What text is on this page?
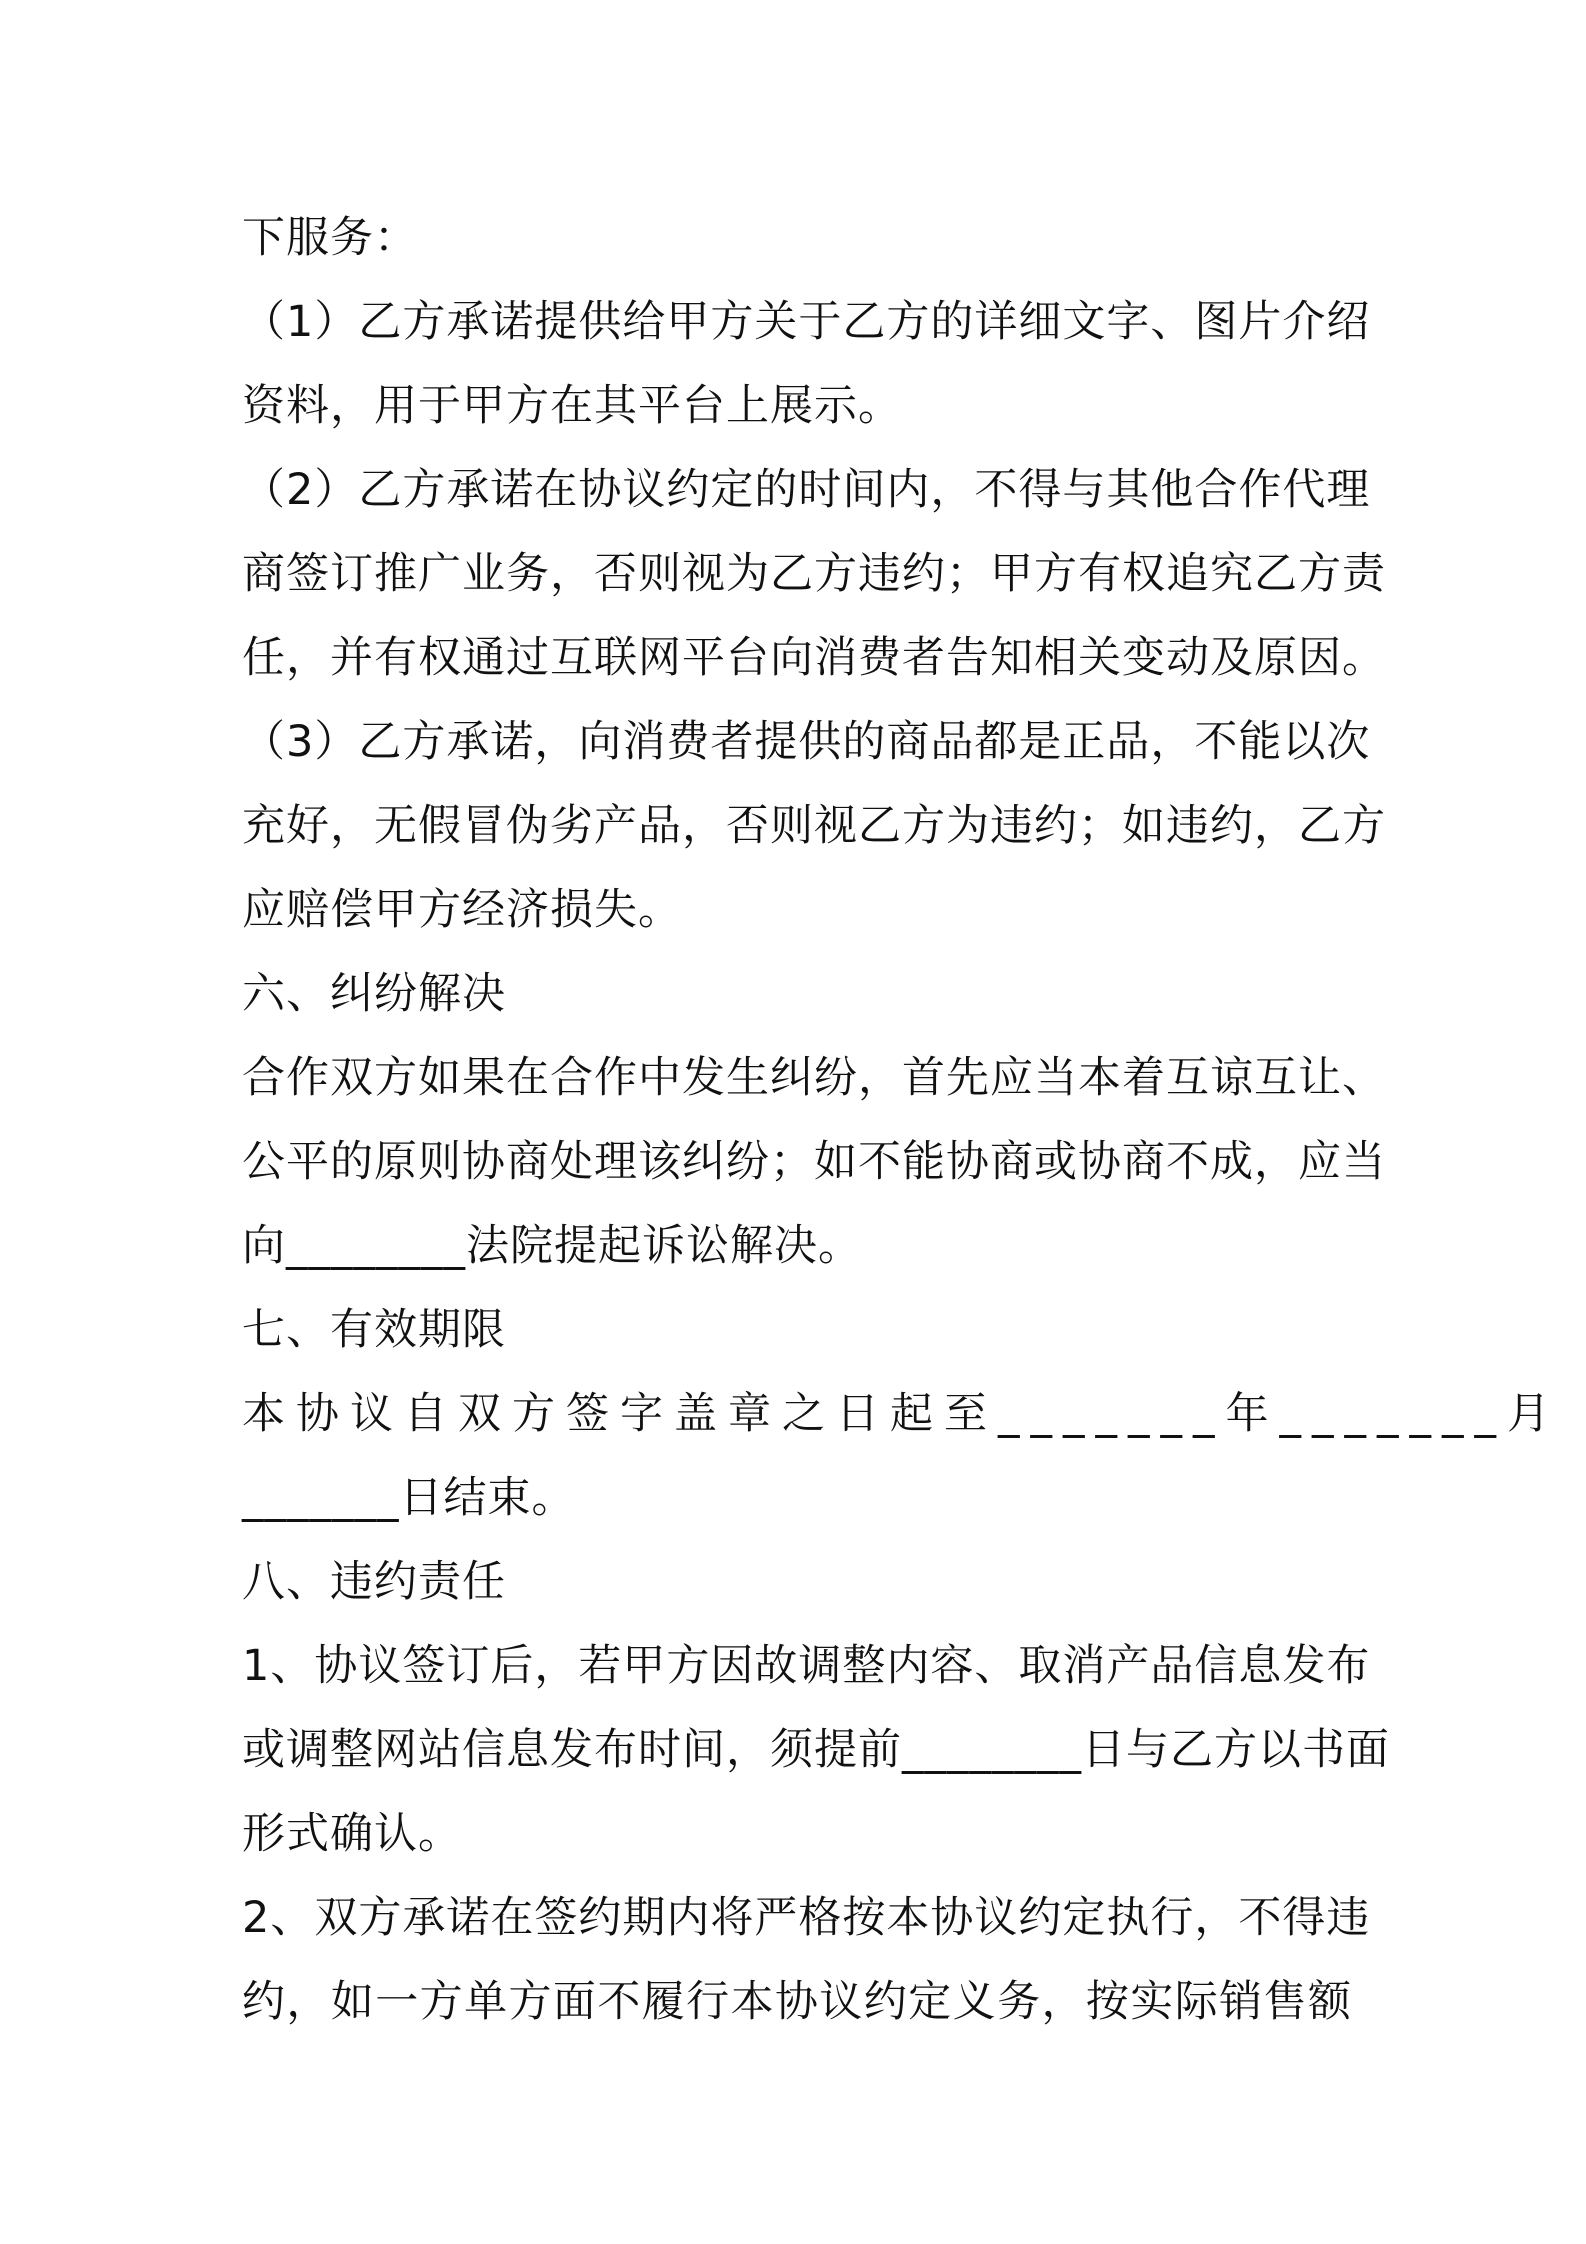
下服务：
（1）乙方承诺提供给甲方关于乙方的详细文字、图片介绍
资料，用于甲方在其平台上展示。
（2）乙方承诺在协议约定的时间内，不得与其他合作代理
商签订推广业务，否则视为乙方违约；甲方有权追究乙方责
任，并有权通过互联网平台向消费者告知相关变动及原因。
（3）乙方承诺，向消费者提供的商品都是正品，不能以次
充好，无假冒伪劣产品，否则视乙方为违约；如违约，乙方
应赔偿甲方经济损失。
六、纠纷解决
合作双方如果在合作中发生纠纷，首先应当本着互谅互让、
公平的原则协商处理该纠纷；如不能协商或协商不成，应当
向________法院提起诉讼解决。
七、有效期限
本协议自双方签字盖章之日起至_______年_______月
_______日结束。
八、违约责任
1、协议签订后，若甲方因故调整内容、取消产品信息发布
或调整网站信息发布时间，须提前________日与乙方以书面
形式确认。
2、双方承诺在签约期内将严格按本协议约定执行，不得违
约，如一方单方面不履行本协议约定义务，按实际销售额
